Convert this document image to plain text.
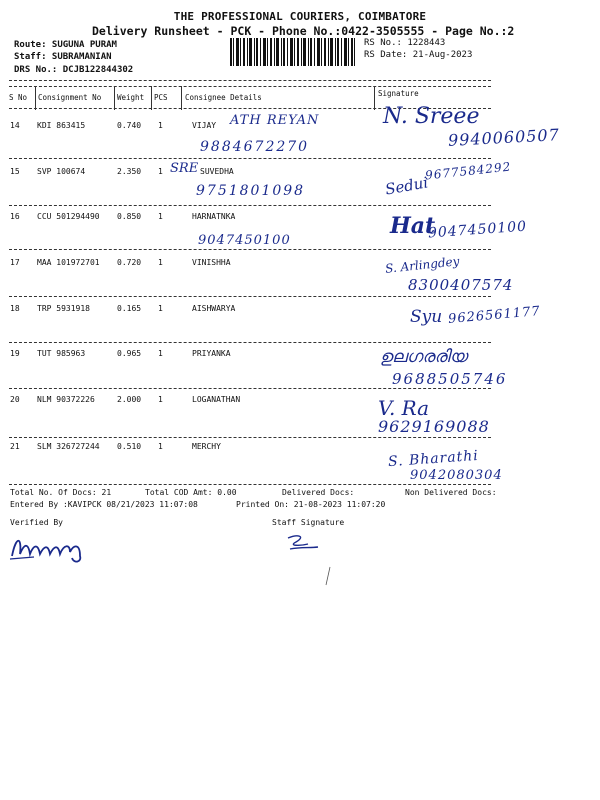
THE PROFESSIONAL COURIERS, COIMBATORE
Delivery Runsheet - PCK - Phone No.:0422-3505555 - Page No.:2
Route: SUGUNA PURAM
Staff: SUBRAMANIAN
DRS No.: DCJB122844302
RS No.: 1228443
RS Date: 21-Aug-2023
S No Consignment No Weight PCS Consignee Details	Signature
14 KDI 863415	0.740 1	VIJAY ATH REYAN
9884672270
N. Sreee
9940060507
15 SVP 100674	2.350 1 SRE SUVEDHA
9751801098	Sedui
9677584292
16 CCU 501294490 0.850 1	HARNATNKA
9047450100
Hat
9047450100
17 MAA 101972701 0.720 1	VINISHHA	S. Arlingdey
8300407574
18 TRP 5931918	0.165 1	AISHWARYA	Syu 9626561177
19 TUT 985963	0.965 1	PRIYANKA	ഉലഗരരിയ
9688505746
20 NLM 90372226	2.000 1	LOGANATHAN	V. Ra
9629169088
21 SLM 326727244 0.510 1	MERCHY
S. Bharathi
9042080304
Total No. Of Docs: 21	Total COD Amt: 0.00	Delivered Docs:	Non Delivered Docs:
Entered By :KAVIPCK 08/21/2023 11:07:08	Printed On: 21-08-2023 11:07:20
Verified By	Staff Signature
